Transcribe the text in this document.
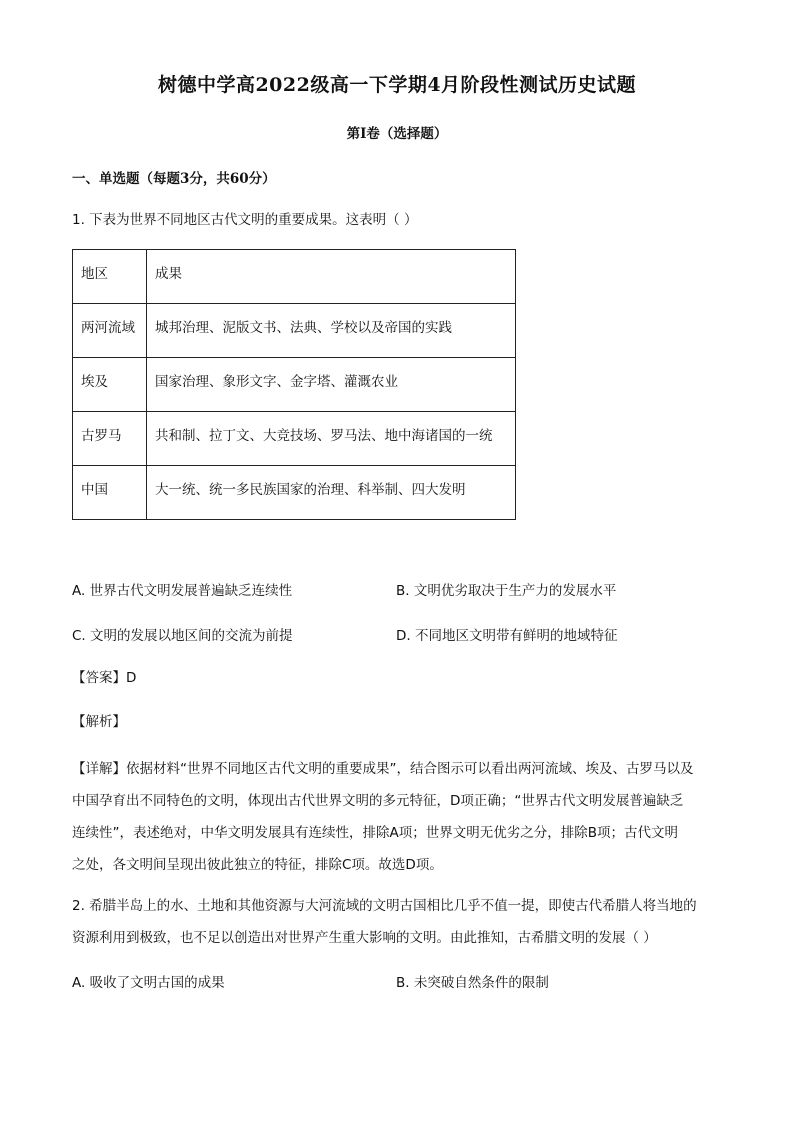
树德中学高2022级高一下学期4月阶段性测试历史试题
第Ⅰ卷（选择题）
一、单选题（每题3分，共60分）
1. 下表为世界不同地区古代文明的重要成果。这表明（ ）
地区	成果
两河流域	城邦治理、泥版文书、法典、学校以及帝国的实践
埃及	国家治理、象形文字、金字塔、灌溉农业
古罗马	共和制、拉丁文、大竞技场、罗马法、地中海诸国的一统
中国	大一统、统一多民族国家的治理、科举制、四大发明
A. 世界古代文明发展普遍缺乏连续性	B. 文明优劣取决于生产力的发展水平
C. 文明的发展以地区间的交流为前提	D. 不同地区文明带有鲜明的地域特征
【答案】D
【解析】
【详解】依据材料“世界不同地区古代文明的重要成果”，结合图示可以看出两河流域、埃及、古罗马以及
中国孕育出不同特色的文明，体现出古代世界文明的多元特征，D项正确；“世界古代文明发展普遍缺乏
连续性”，表述绝对，中华文明发展具有连续性，排除A项；世界文明无优劣之分，排除B项；古代文明
之处，各文明间呈现出彼此独立的特征，排除C项。故选D项。
2. 希腊半岛上的水、土地和其他资源与大河流域的文明古国相比几乎不值一提，即使古代希腊人将当地的
资源利用到极致，也不足以创造出对世界产生重大影响的文明。由此推知，古希腊文明的发展（ ）
A. 吸收了文明古国的成果	B. 未突破自然条件的限制
